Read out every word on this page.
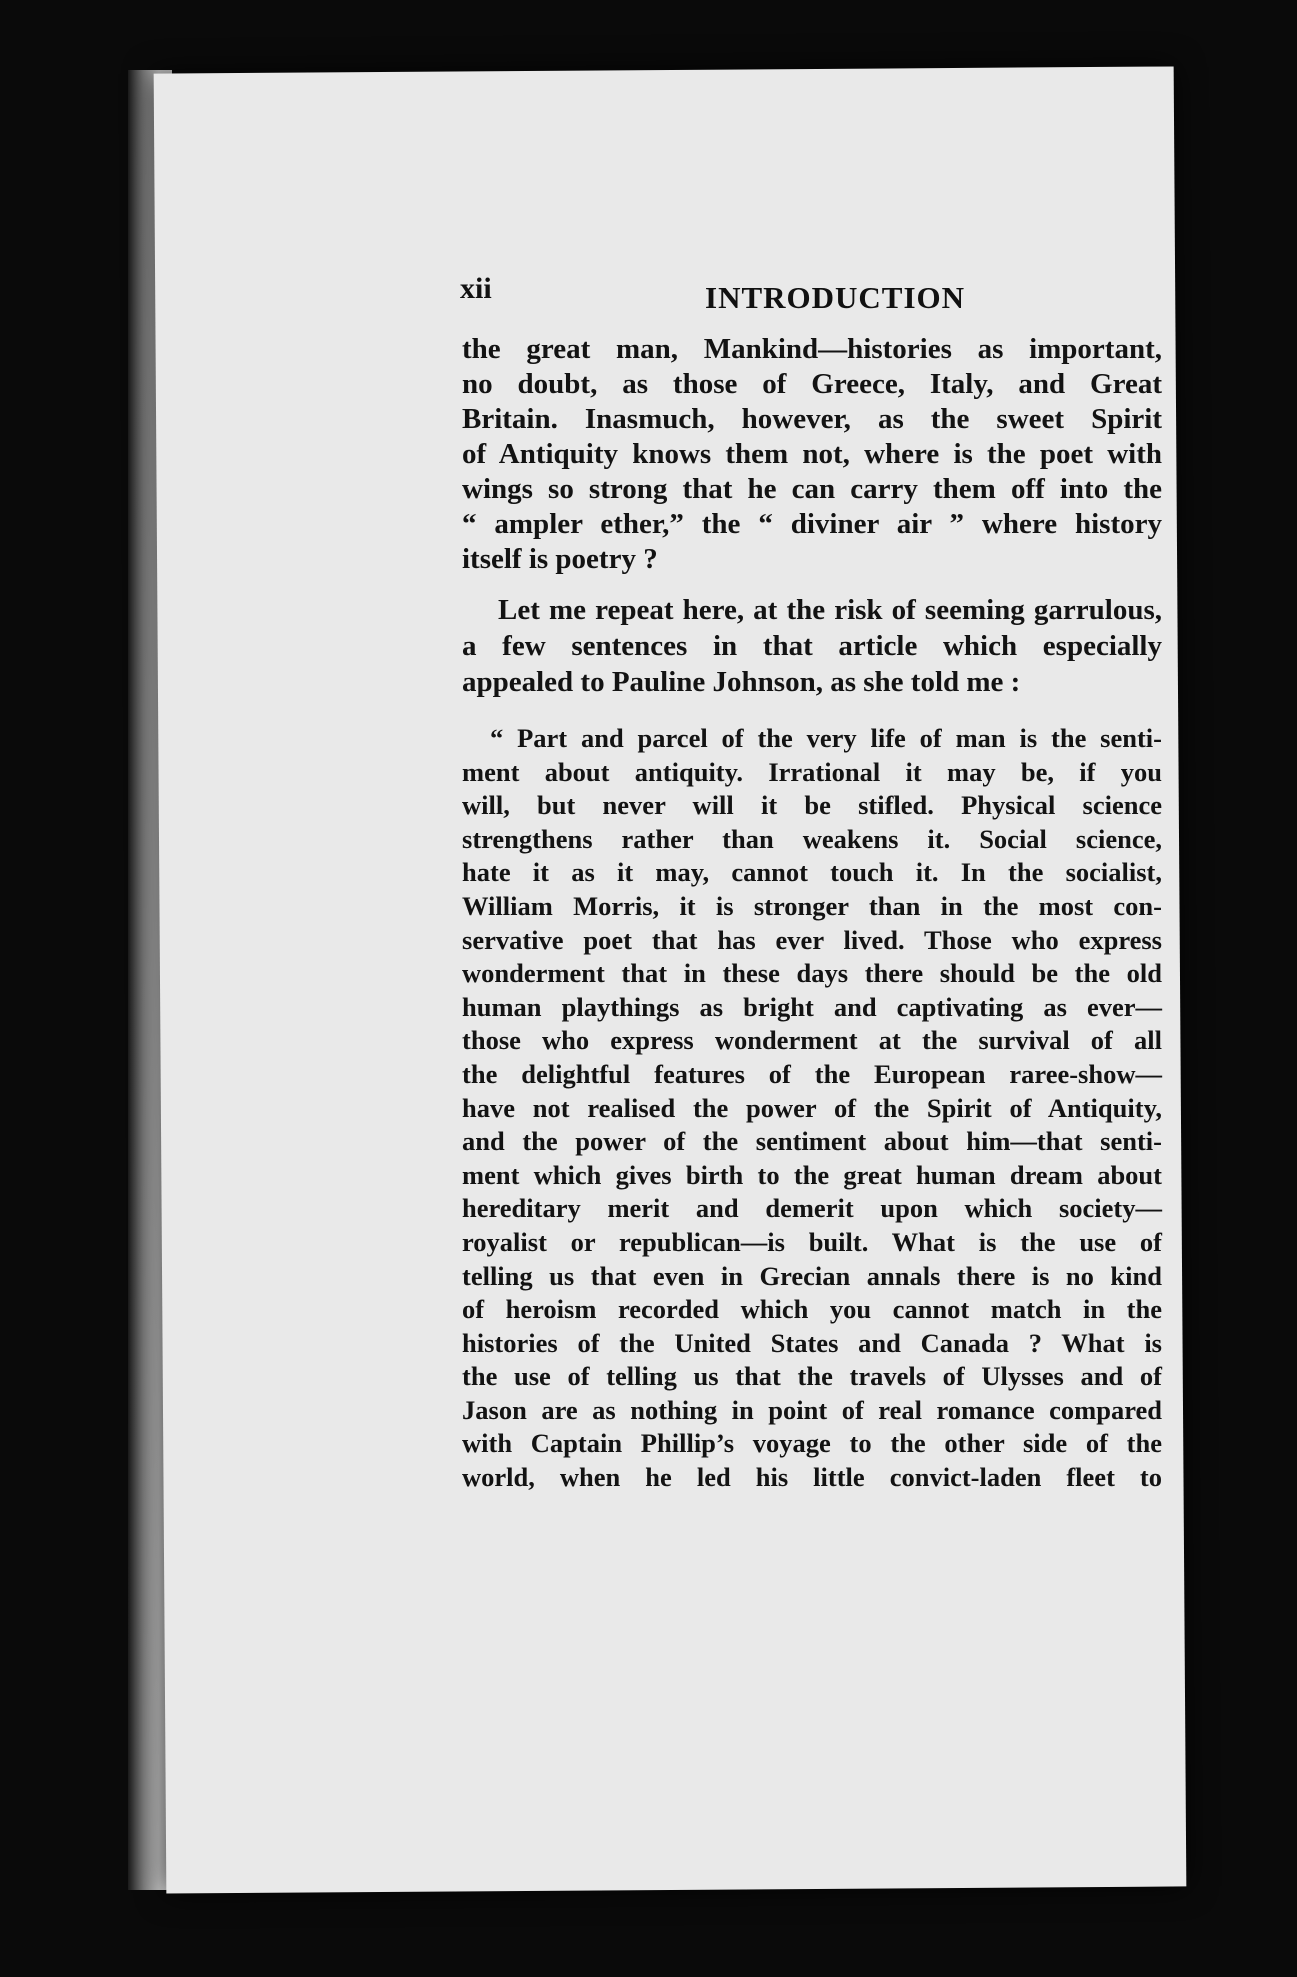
xii	INTRODUCTION
the great man, Mankind—histories as important,
no doubt, as those of Greece, Italy, and Great
Britain. Inasmuch, however, as the sweet Spirit
of Antiquity knows them not, where is the poet with
wings so strong that he can carry them off into the
“ ampler ether,” the “ diviner air ” where history
itself is poetry ?
Let me repeat here, at the risk of seeming garrulous,
a few sentences in that article which especially
appealed to Pauline Johnson, as she told me :
“ Part and parcel of the very life of man is the senti-
ment about antiquity. Irrational it may be, if you
will, but never will it be stifled. Physical science
strengthens rather than weakens it. Social science,
hate it as it may, cannot touch it. In the socialist,
William Morris, it is stronger than in the most con-
servative poet that has ever lived. Those who express
wonderment that in these days there should be the old
human playthings as bright and captivating as ever—
those who express wonderment at the survival of all
the delightful features of the European raree-show—
have not realised the power of the Spirit of Antiquity,
and the power of the sentiment about him—that senti-
ment which gives birth to the great human dream about
hereditary merit and demerit upon which society—
royalist or republican—is built. What is the use of
telling us that even in Grecian annals there is no kind
of heroism recorded which you cannot match in the
histories of the United States and Canada ? What is
the use of telling us that the travels of Ulysses and of
Jason are as nothing in point of real romance compared
with Captain Phillip’s voyage to the other side of the
world, when he led his little convict-laden fleet to
